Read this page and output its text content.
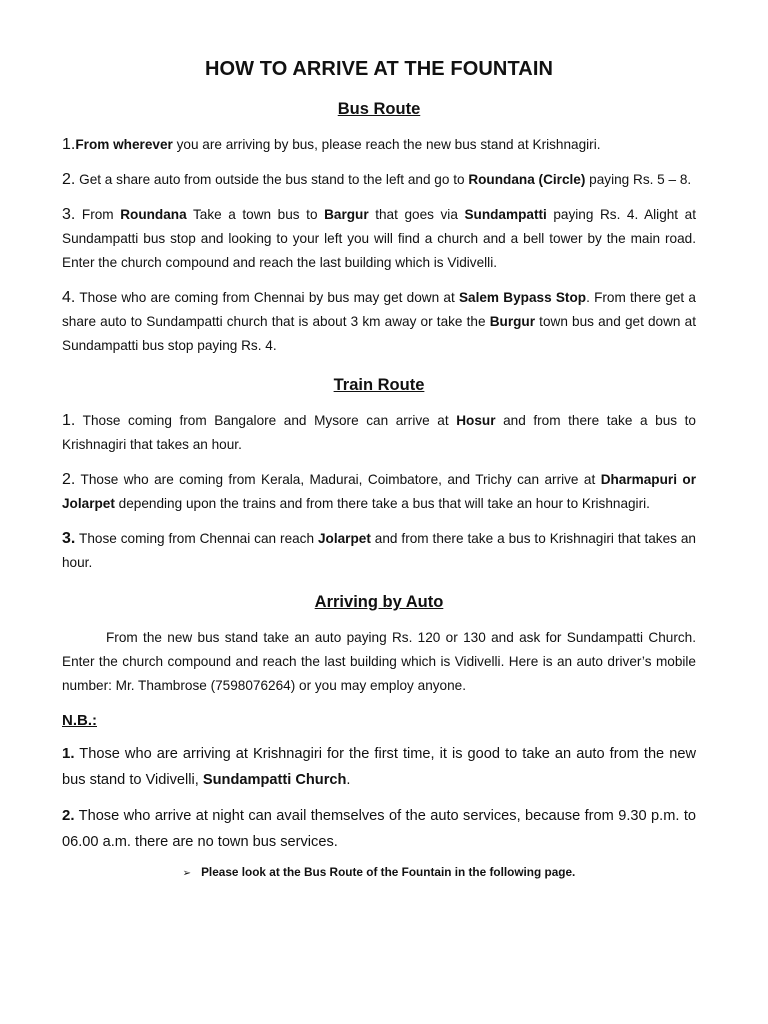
HOW TO ARRIVE AT THE FOUNTAIN
Bus Route

1.From wherever you are arriving by bus, please reach the new bus stand at Krishnagiri.

2. Get a share auto from outside the bus stand to the left and go to Roundana (Circle) paying Rs. 5 – 8.

3. From Roundana Take a town bus to Bargur that goes via Sundampatti paying Rs. 4. Alight at Sundampatti bus stop and looking to your left you will find a church and a bell tower by the main road. Enter the church compound and reach the last building which is Vidivelli.

4. Those who are coming from Chennai by bus may get down at Salem Bypass Stop. From there get a share auto to Sundampatti church that is about 3 km away or take the Burgur town bus and get down at Sundampatti bus stop paying Rs. 4.

Train Route

1. Those coming from Bangalore and Mysore can arrive at Hosur and from there take a bus to Krishnagiri that takes an hour.

2. Those who are coming from Kerala, Madurai, Coimbatore, and Trichy can arrive at Dharmapuri or Jolarpet depending upon the trains and from there take a bus that will take an hour to Krishnagiri.

3. Those coming from Chennai can reach Jolarpet and from there take a bus to Krishnagiri that takes an hour.

Arriving by Auto

From the new bus stand take an auto paying Rs. 120 or 130 and ask for Sundampatti Church. Enter the church compound and reach the last building which is Vidivelli. Here is an auto driver’s mobile number: Mr. Thambrose (7598076264) or you may employ anyone.

N.B.:

1. Those who are arriving at Krishnagiri for the first time, it is good to take an auto from the new bus stand to Vidivelli, Sundampatti Church.

2. Those who arrive at night can avail themselves of the auto services, because from 9.30 p.m. to 06.00 a.m. there are no town bus services.

➢ Please look at the Bus Route of the Fountain in the following page.
